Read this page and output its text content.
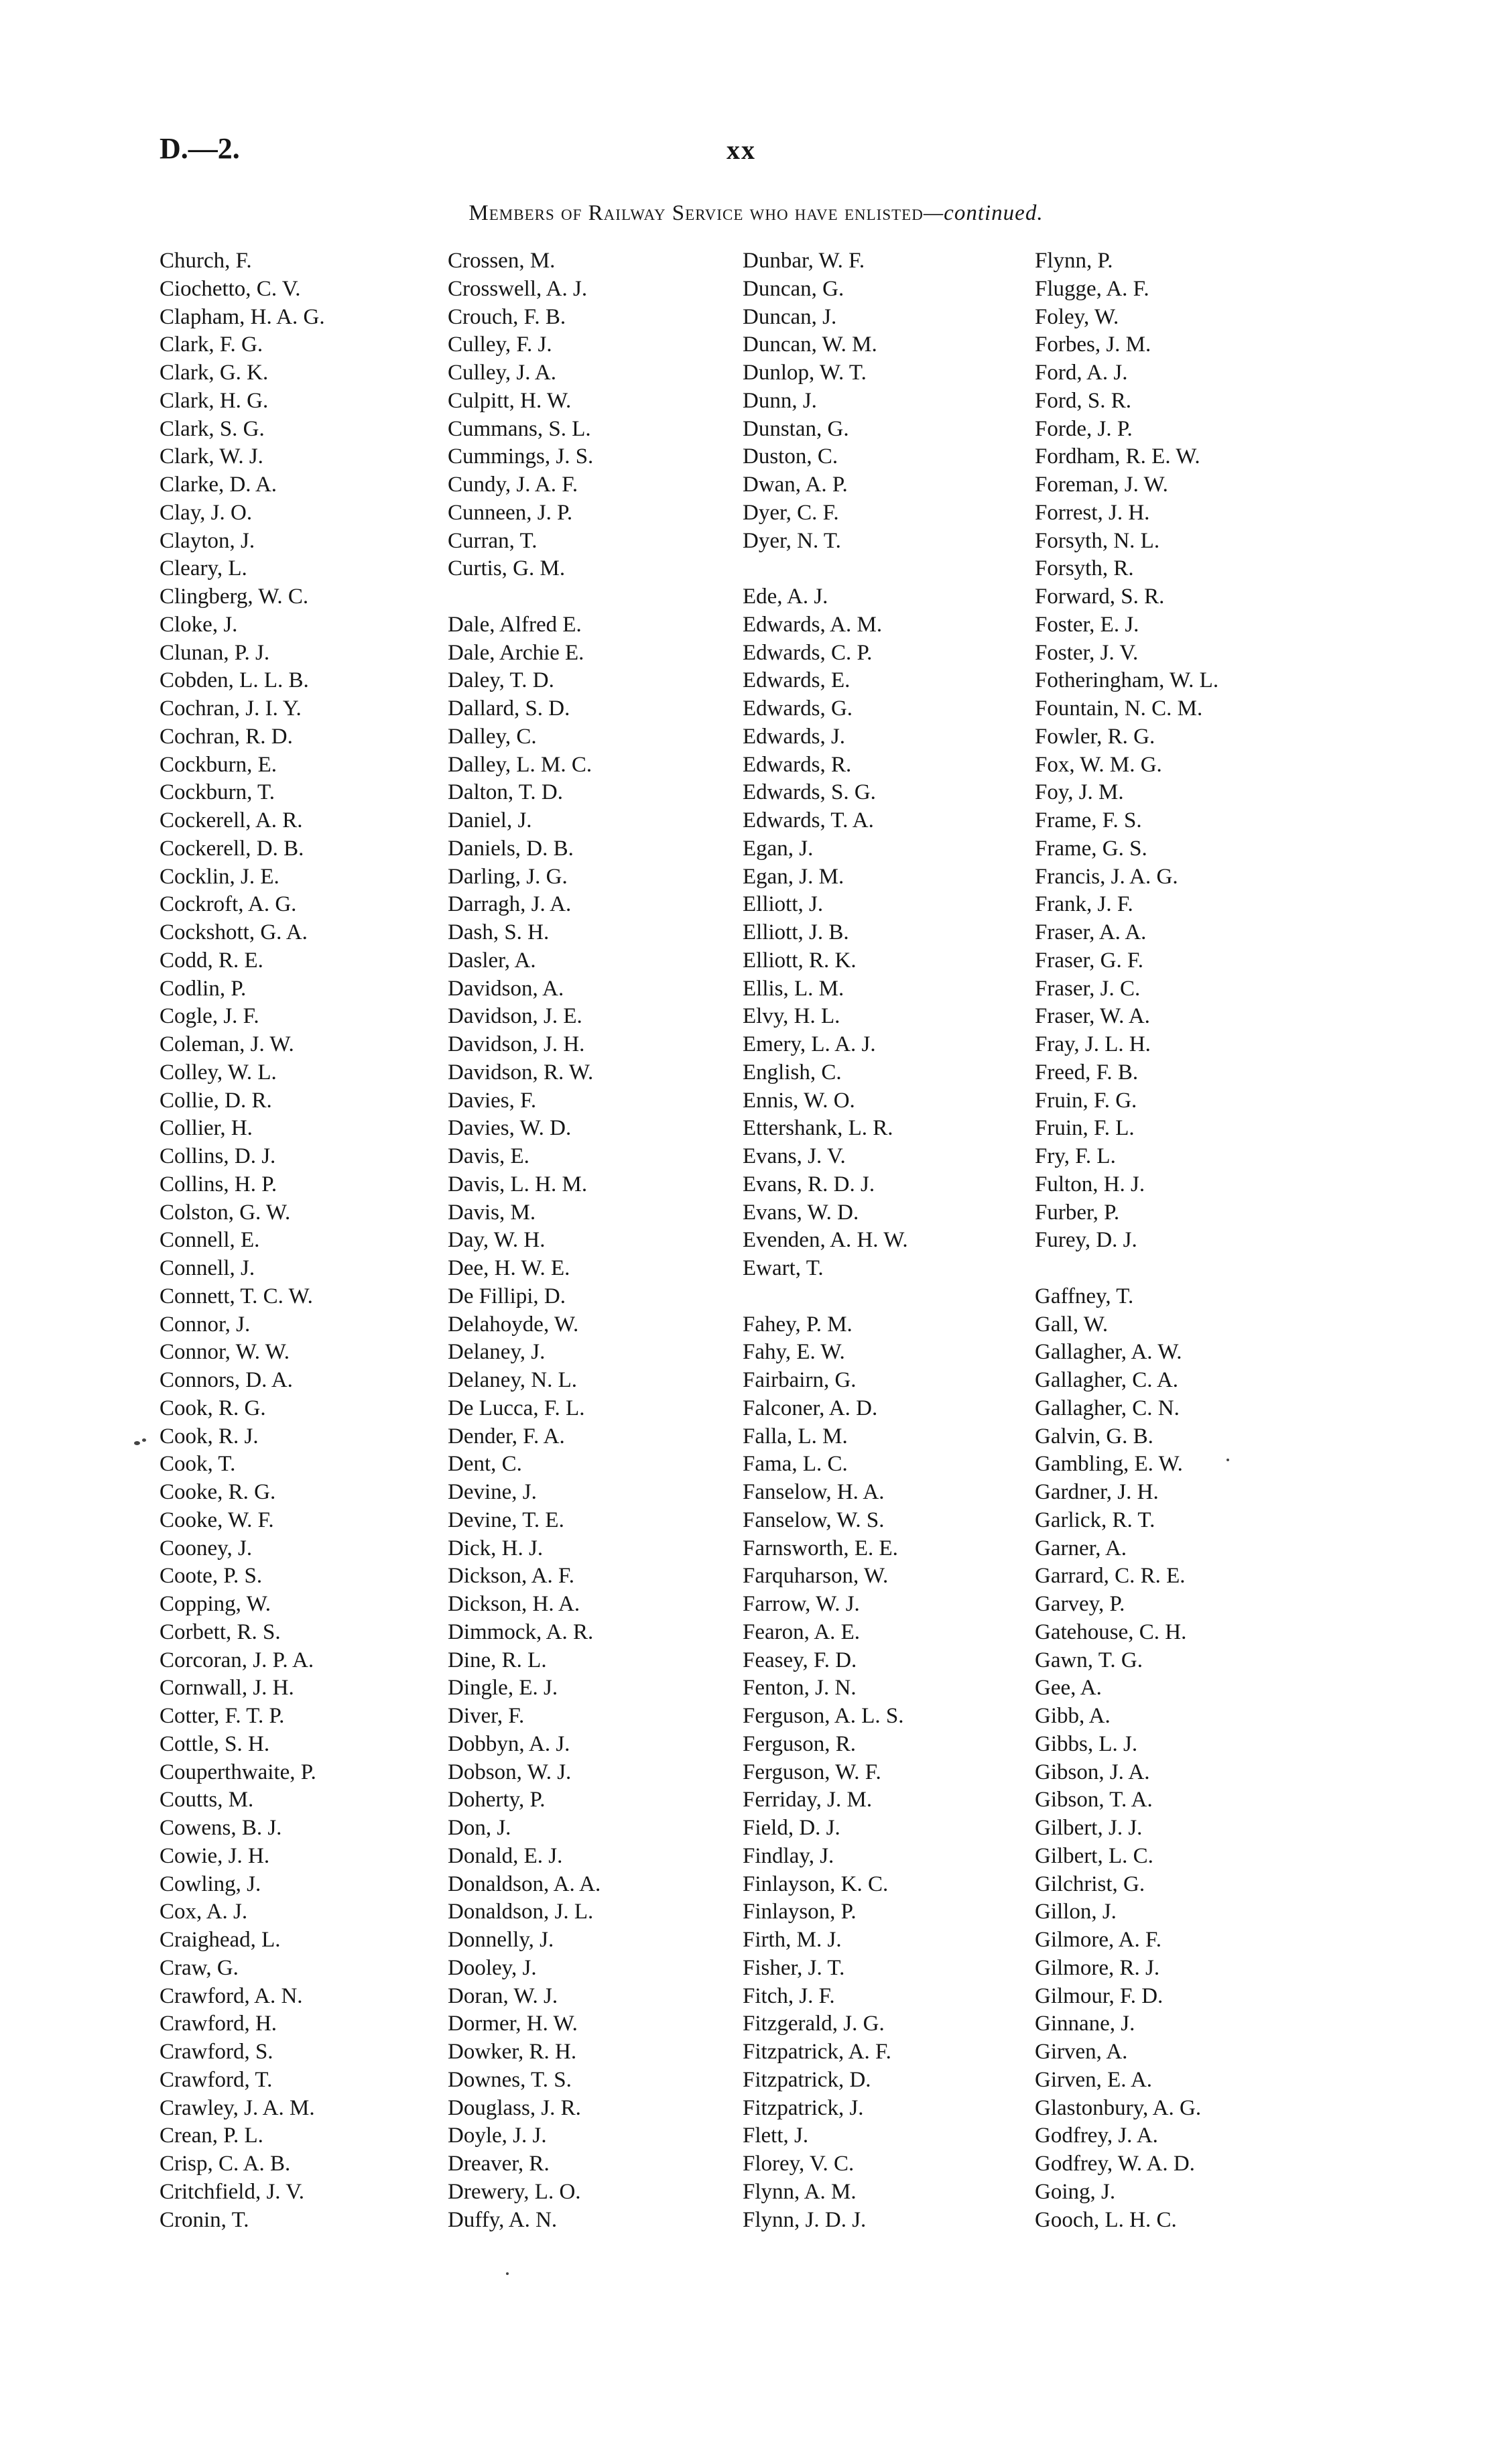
D.—2.	xx
Members of Railway Service who have enlisted—continued.
Church, F.
Ciochetto, C. V.
Clapham, H. A. G.
Clark, F. G.
Clark, G. K.
Clark, H. G.
Clark, S. G.
Clark, W. J.
Clarke, D. A.
Clay, J. O.
Clayton, J.
Cleary, L.
Clingberg, W. C.
Cloke, J.
Clunan, P. J.
Cobden, L. L. B.
Cochran, J. I. Y.
Cochran, R. D.
Cockburn, E.
Cockburn, T.
Cockerell, A. R.
Cockerell, D. B.
Cocklin, J. E.
Cockroft, A. G.
Cockshott, G. A.
Codd, R. E.
Codlin, P.
Cogle, J. F.
Coleman, J. W.
Colley, W. L.
Collie, D. R.
Collier, H.
Collins, D. J.
Collins, H. P.
Colston, G. W.
Connell, E.
Connell, J.
Connett, T. C. W.
Connor, J.
Connor, W. W.
Connors, D. A.
Cook, R. G.
Cook, R. J.
Cook, T.
Cooke, R. G.
Cooke, W. F.
Cooney, J.
Coote, P. S.
Copping, W.
Corbett, R. S.
Corcoran, J. P. A.
Cornwall, J. H.
Cotter, F. T. P.
Cottle, S. H.
Couperthwaite, P.
Coutts, M.
Cowens, B. J.
Cowie, J. H.
Cowling, J.
Cox, A. J.
Craighead, L.
Craw, G.
Crawford, A. N.
Crawford, H.
Crawford, S.
Crawford, T.
Crawley, J. A. M.
Crean, P. L.
Crisp, C. A. B.
Critchfield, J. V.
Cronin, T.
Crossen, M.
Crosswell, A. J.
Crouch, F. B.
Culley, F. J.
Culley, J. A.
Culpitt, H. W.
Cummans, S. L.
Cummings, J. S.
Cundy, J. A. F.
Cunneen, J. P.
Curran, T.
Curtis, G. M.
Dale, Alfred E.
Dale, Archie E.
Daley, T. D.
Dallard, S. D.
Dalley, C.
Dalley, L. M. C.
Dalton, T. D.
Daniel, J.
Daniels, D. B.
Darling, J. G.
Darragh, J. A.
Dash, S. H.
Dasler, A.
Davidson, A.
Davidson, J. E.
Davidson, J. H.
Davidson, R. W.
Davies, F.
Davies, W. D.
Davis, E.
Davis, L. H. M.
Davis, M.
Day, W. H.
Dee, H. W. E.
De Fillipi, D.
Delahoyde, W.
Delaney, J.
Delaney, N. L.
De Lucca, F. L.
Dender, F. A.
Dent, C.
Devine, J.
Devine, T. E.
Dick, H. J.
Dickson, A. F.
Dickson, H. A.
Dimmock, A. R.
Dine, R. L.
Dingle, E. J.
Diver, F.
Dobbyn, A. J.
Dobson, W. J.
Doherty, P.
Don, J.
Donald, E. J.
Donaldson, A. A.
Donaldson, J. L.
Donnelly, J.
Dooley, J.
Doran, W. J.
Dormer, H. W.
Dowker, R. H.
Downes, T. S.
Douglass, J. R.
Doyle, J. J.
Dreaver, R.
Drewery, L. O.
Duffy, A. N.
Dunbar, W. F.
Duncan, G.
Duncan, J.
Duncan, W. M.
Dunlop, W. T.
Dunn, J.
Dunstan, G.
Duston, C.
Dwan, A. P.
Dyer, C. F.
Dyer, N. T.
Ede, A. J.
Edwards, A. M.
Edwards, C. P.
Edwards, E.
Edwards, G.
Edwards, J.
Edwards, R.
Edwards, S. G.
Edwards, T. A.
Egan, J.
Egan, J. M.
Elliott, J.
Elliott, J. B.
Elliott, R. K.
Ellis, L. M.
Elvy, H. L.
Emery, L. A. J.
English, C.
Ennis, W. O.
Ettershank, L. R.
Evans, J. V.
Evans, R. D. J.
Evans, W. D.
Evenden, A. H. W.
Ewart, T.
Fahey, P. M.
Fahy, E. W.
Fairbairn, G.
Falconer, A. D.
Falla, L. M.
Fama, L. C.
Fanselow, H. A.
Fanselow, W. S.
Farnsworth, E. E.
Farquharson, W.
Farrow, W. J.
Fearon, A. E.
Feasey, F. D.
Fenton, J. N.
Ferguson, A. L. S.
Ferguson, R.
Ferguson, W. F.
Ferriday, J. M.
Field, D. J.
Findlay, J.
Finlayson, K. C.
Finlayson, P.
Firth, M. J.
Fisher, J. T.
Fitch, J. F.
Fitzgerald, J. G.
Fitzpatrick, A. F.
Fitzpatrick, D.
Fitzpatrick, J.
Flett, J.
Florey, V. C.
Flynn, A. M.
Flynn, J. D. J.
Flynn, P.
Flugge, A. F.
Foley, W.
Forbes, J. M.
Ford, A. J.
Ford, S. R.
Forde, J. P.
Fordham, R. E. W.
Foreman, J. W.
Forrest, J. H.
Forsyth, N. L.
Forsyth, R.
Forward, S. R.
Foster, E. J.
Foster, J. V.
Fotheringham, W. L.
Fountain, N. C. M.
Fowler, R. G.
Fox, W. M. G.
Foy, J. M.
Frame, F. S.
Frame, G. S.
Francis, J. A. G.
Frank, J. F.
Fraser, A. A.
Fraser, G. F.
Fraser, J. C.
Fraser, W. A.
Fray, J. L. H.
Freed, F. B.
Fruin, F. G.
Fruin, F. L.
Fry, F. L.
Fulton, H. J.
Furber, P.
Furey, D. J.
Gaffney, T.
Gall, W.
Gallagher, A. W.
Gallagher, C. A.
Gallagher, C. N.
Galvin, G. B.
Gambling, E. W.
Gardner, J. H.
Garlick, R. T.
Garner, A.
Garrard, C. R. E.
Garvey, P.
Gatehouse, C. H.
Gawn, T. G.
Gee, A.
Gibb, A.
Gibbs, L. J.
Gibson, J. A.
Gibson, T. A.
Gilbert, J. J.
Gilbert, L. C.
Gilchrist, G.
Gillon, J.
Gilmore, A. F.
Gilmore, R. J.
Gilmour, F. D.
Ginnane, J.
Girven, A.
Girven, E. A.
Glastonbury, A. G.
Godfrey, J. A.
Godfrey, W. A. D.
Going, J.
Gooch, L. H. C.
